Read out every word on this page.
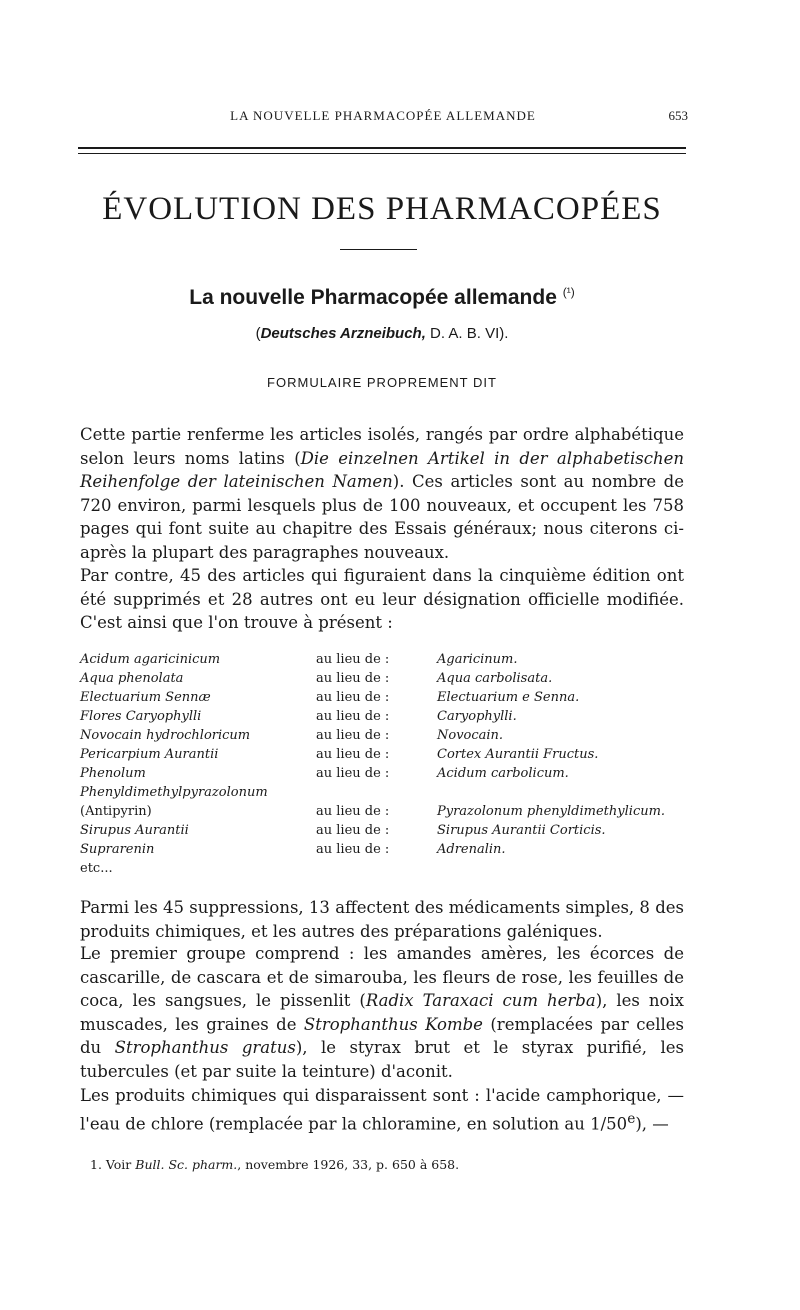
LA NOUVELLE PHARMACOPÉE ALLEMANDE	653
ÉVOLUTION DES PHARMACOPÉES
La nouvelle Pharmacopée allemande $^{(^1)}$
(Deutsches Arzneibuch, D. A. B. VI).
FORMULAIRE PROPREMENT DIT

Cette partie renferme les articles isolés, rangés par ordre alphabétique selon leurs noms latins (Die einzelnen Artikel in der alphabetischen Reihenfolge der lateinischen Namen). Ces articles sont au nombre de 720 environ, parmi lesquels plus de 100 nouveaux, et occupent les 758 pages qui font suite au chapitre des Essais généraux; nous citerons ci-après la plupart des paragraphes nouveaux.

Par contre, 45 des articles qui figuraient dans la cinquième édition ont été supprimés et 28 autres ont eu leur désignation officielle modifiée. C'est ainsi que l'on trouve à présent :

Acidum agaricinicum	au lieu de :	Agaricinum.
Aqua phenolata	au lieu de :	Aqua carbolisata.
Electuarium Sennæ	au lieu de :	Electuarium e Senna.
Flores Caryophylli	au lieu de :	Caryophylli.
Novocain hydrochloricum	au lieu de :	Novocain.
Pericarpium Aurantii	au lieu de :	Cortex Aurantii Fructus.
Phenolum	au lieu de :	Acidum carbolicum.
Phenyldimethylpyrazolonum
(Antipyrin)	au lieu de :	Pyrazolonum phenyldimethylicum.
Sirupus Aurantii	au lieu de :	Sirupus Aurantii Corticis.
Suprarenin	au lieu de :	Adrenalin.
etc...

Parmi les 45 suppressions, 13 affectent des médicaments simples, 8 des produits chimiques, et les autres des préparations galéniques.

Le premier groupe comprend : les amandes amères, les écorces de cascarille, de cascara et de simarouba, les fleurs de rose, les feuilles de coca, les sangsues, le pissenlit (Radix Taraxaci cum herba), les noix muscades, les graines de Strophanthus Kombe (remplacées par celles du Strophanthus gratus), le styrax brut et le styrax purifié, les tubercules (et par suite la teinture) d'aconit.

Les produits chimiques qui disparaissent sont : l'acide camphorique, — l'eau de chlore (remplacée par la chloramine, en solution au 1/50e), —

1. Voir Bull. Sc. pharm., novembre 1926, 33, p. 650 à 658.
